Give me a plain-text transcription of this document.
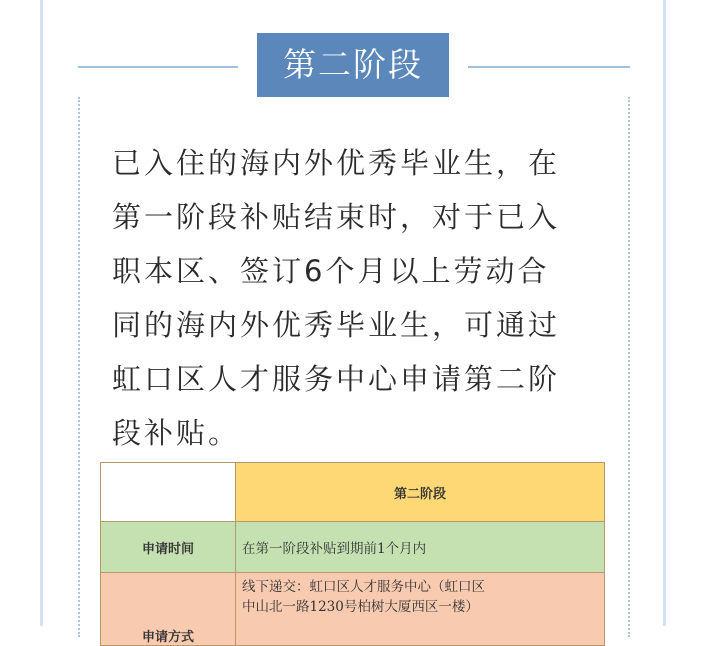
第二阶段
已入住的海内外优秀毕业生，在
第一阶段补贴结束时，对于已入
职本区、签订6个月以上劳动合
同的海内外优秀毕业生，可通过
虹口区人才服务中心申请第二阶
段补贴。
	第二阶段
申请时间	在第一阶段补贴到期前1个月内
申请方式	线下递交：虹口区人才服务中心（虹口区
中山北一路1230号柏树大厦西区一楼）
